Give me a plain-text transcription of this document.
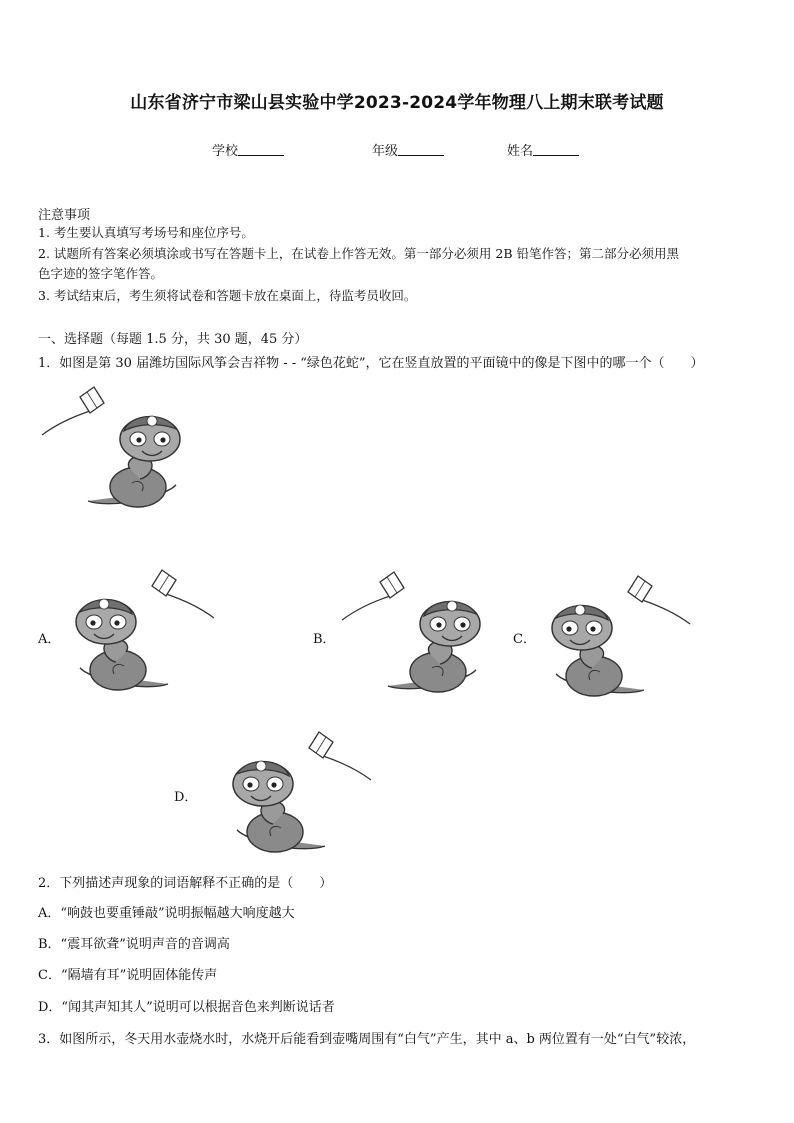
山东省济宁市梁山县实验中学2023-2024学年物理八上期末联考试题
学校	年级	姓名
注意事项
1. 考生要认真填写考场号和座位序号。
2. 试题所有答案必须填涂或书写在答题卡上，在试卷上作答无效。第一部分必须用 2B 铅笔作答；第二部分必须用黑
色字迹的签字笔作答。
3. 考试结束后，考生须将试卷和答题卡放在桌面上，待监考员收回。
一、选择题（每题 1.5 分，共 30 题，45 分）
1．如图是第 30 届潍坊国际风筝会吉祥物 - - “绿色花蛇”，它在竖直放置的平面镜中的像是下图中的哪一个（　　）
A．	B．	C．
D．
2．下列描述声现象的词语解释不正确的是（　　）
A．“响鼓也要重锤敲”说明振幅越大响度越大
B．“震耳欲聋”说明声音的音调高
C．“隔墙有耳”说明固体能传声
D．“闻其声知其人”说明可以根据音色来判断说话者
3．如图所示，冬天用水壶烧水时，水烧开后能看到壶嘴周围有“白气”产生，其中 a、b 两位置有一处“白气”较浓，
